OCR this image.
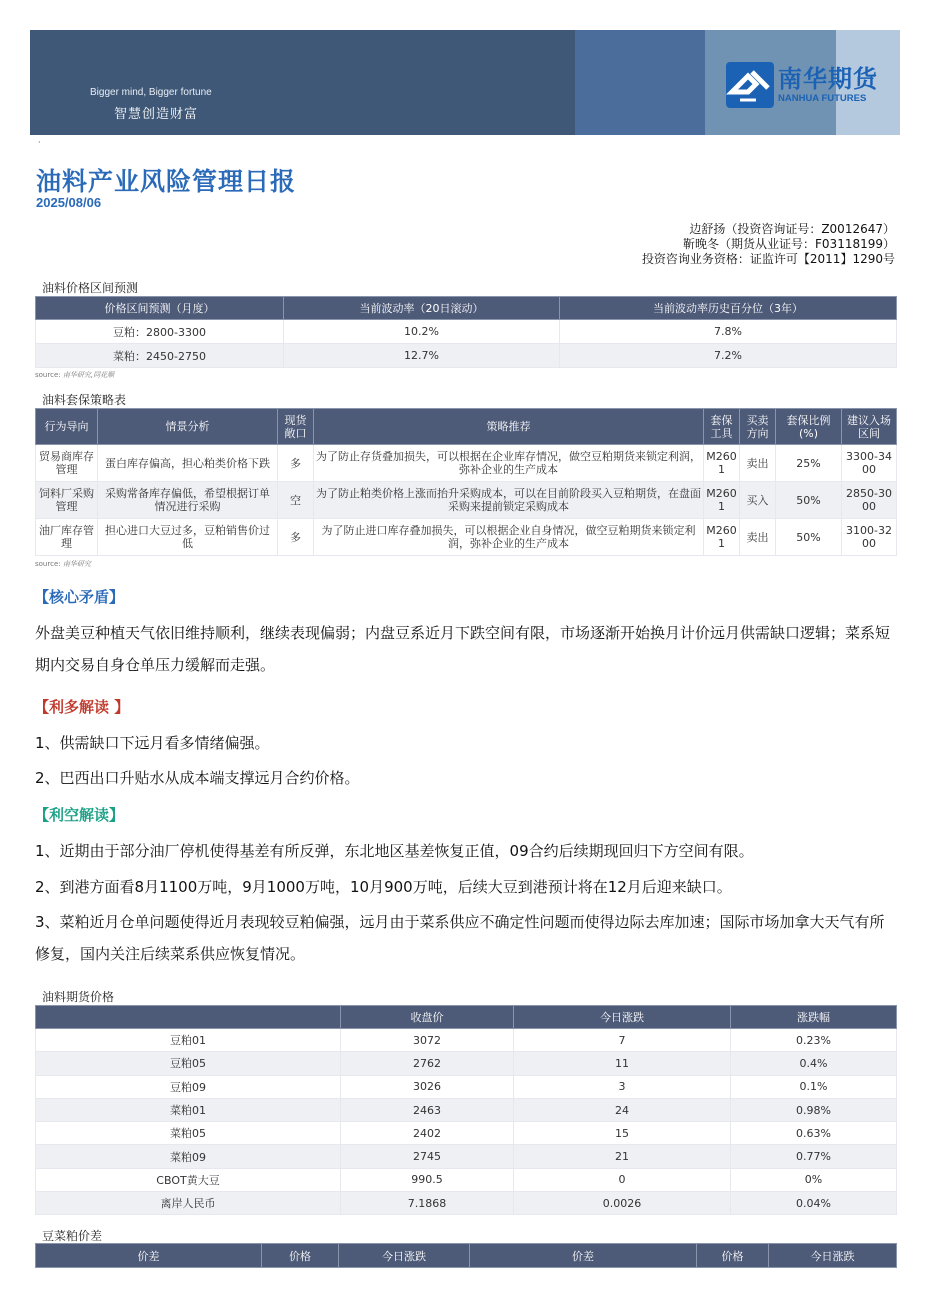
Bigger mind, Bigger fortune
智慧创造财富
南华期货
NANHUA FUTURES
·
油料产业风险管理日报
2025/08/06
边舒扬（投资咨询证号：Z0012647）
靳晚冬（期货从业证号：F03118199）
投资咨询业务资格：证监许可【2011】1290号
油料价格区间预测
价格区间预测（月度）	当前波动率（20日滚动）	当前波动率历史百分位（3年）
豆粕：2800-3300	10.2%	7.8%
菜粕：2450-2750	12.7%	7.2%
source: 南华研究,同花顺
油料套保策略表
行为导向	情景分析	现货敞口	策略推荐	套保工具	买卖方向	套保比例(%)	建议入场区间
贸易商库存管理	蛋白库存偏高，担心粕类价格下跌	多	为了防止存货叠加损失，可以根据在企业库存情况，做空豆粕期货来锁定利润，弥补企业的生产成本	M2601	卖出	25%	3300-3400
饲料厂采购管理	采购常备库存偏低，希望根据订单情况进行采购	空	为了防止粕类价格上涨而抬升采购成本，可以在目前阶段买入豆粕期货，在盘面采购来提前锁定采购成本	M2601	买入	50%	2850-3000
油厂库存管理	担心进口大豆过多，豆粕销售价过低	多	为了防止进口库存叠加损失，可以根据企业自身情况，做空豆粕期货来锁定利润，弥补企业的生产成本	M2601	卖出	50%	3100-3200
source: 南华研究
【核心矛盾】
外盘美豆种植天气依旧维持顺利，继续表现偏弱；内盘豆系近月下跌空间有限，市场逐渐开始换月计价远月供需缺口逻辑；菜系短期内交易自身仓单压力缓解而走强。
【利多解读 】
1、供需缺口下远月看多情绪偏强。
2、巴西出口升贴水从成本端支撑远月合约价格。
【利空解读】
1、近期由于部分油厂停机使得基差有所反弹，东北地区基差恢复正值，09合约后续期现回归下方空间有限。
2、到港方面看8月1100万吨，9月1000万吨，10月900万吨，后续大豆到港预计将在12月后迎来缺口。
3、菜粕近月仓单问题使得近月表现较豆粕偏强，远月由于菜系供应不确定性问题而使得边际去库加速；国际市场加拿大天气有所修复，国内关注后续菜系供应恢复情况。
油料期货价格
	收盘价	今日涨跌	涨跌幅
豆粕01	3072	7	0.23%
豆粕05	2762	11	0.4%
豆粕09	3026	3	0.1%
菜粕01	2463	24	0.98%
菜粕05	2402	15	0.63%
菜粕09	2745	21	0.77%
CBOT黄大豆	990.5	0	0%
离岸人民币	7.1868	0.0026	0.04%
豆菜粕价差
价差	价格	今日涨跌	价差	价格	今日涨跌
